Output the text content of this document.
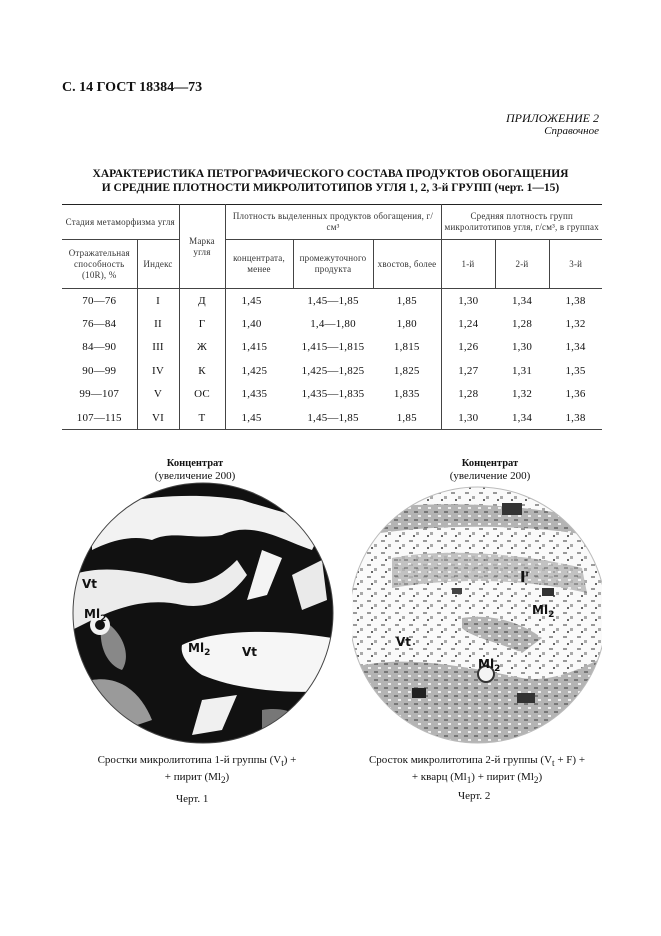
С. 14 ГОСТ 18384—73
ПРИЛОЖЕНИЕ 2
Справочное
ХАРАКТЕРИСТИКА ПЕТРОГРАФИЧЕСКОГО СОСТАВА ПРОДУКТОВ ОБОГАЩЕНИЯ
И СРЕДНИЕ ПЛОТНОСТИ МИКРОЛИТОТИПОВ УГЛЯ 1, 2, 3-й ГРУПП (черт. 1—15)
Стадия метаморфизма угля		Марка угля	Плотность выделенных продуктов обогащения, г/см³			Средняя плотность групп микролитотипов угля, г/см³, в группах		
Отражательная способность (10R), %	Индекс		концентрата, менее	промежуточного продукта	хвостов, более	1-й	2-й	3-й
70—76	I	Д	1,45	1,45—1,85	1,85	1,30	1,34	1,38
76—84	II	Г	1,40	1,4—1,80	1,80	1,24	1,28	1,32
84—90	III	Ж	1,415	1,415—1,815	1,815	1,26	1,30	1,34
90—99	IV	К	1,425	1,425—1,825	1,825	1,27	1,31	1,35
99—107	V	ОС	1,435	1,435—1,835	1,835	1,28	1,32	1,36
107—115	VI	Т	1,45	1,45—1,85	1,85	1,30	1,34	1,38
Концентрат
(увеличение 200)
Vt
$Ml_2$
$Ml_2$	Vt
Сростки микролитотипа 1-й группы $(V_t)$ +
+ пирит $(Ml_2)$
Черт. 1
Концентрат
(увеличение 200)
$I^r$
$Ml_2$
Vt
$Ml_2$
Сросток микролитотипа 2-й группы $(V_t + F)$ +
+ кварц $(Ml_1)$ + пирит $(Ml_2)$
Черт. 2
